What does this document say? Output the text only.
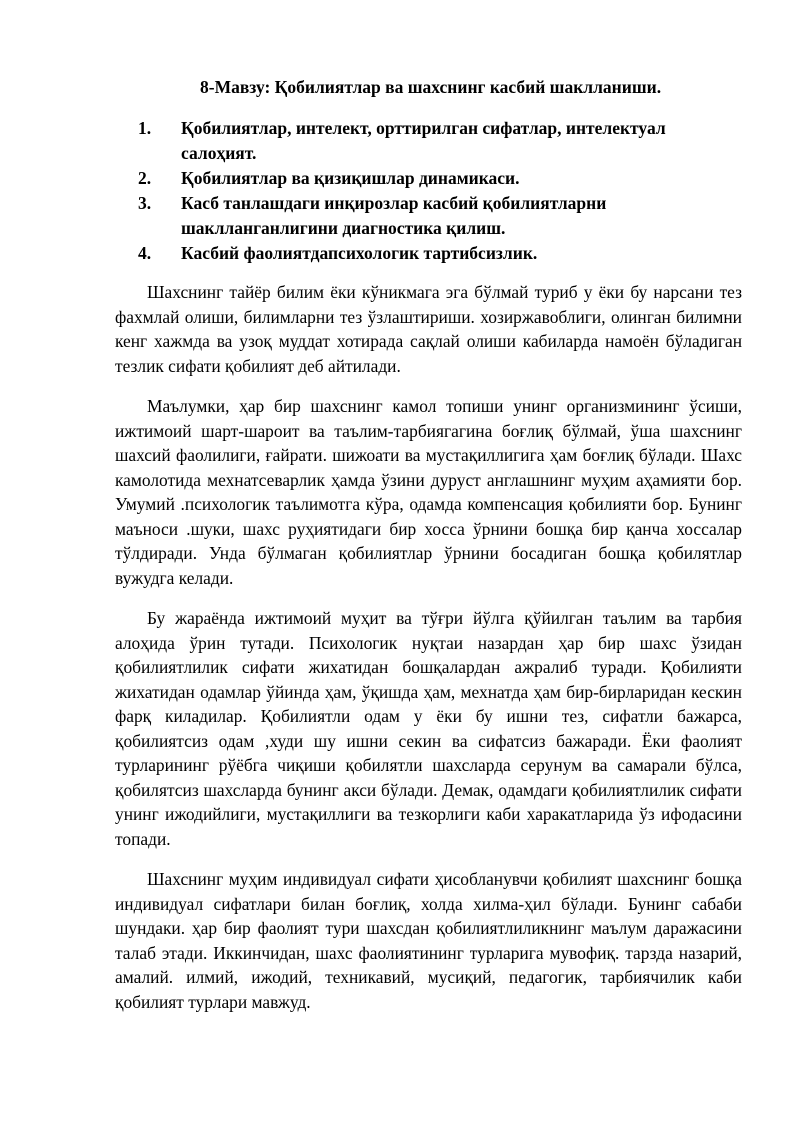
8-Мавзу: Қобилиятлар ва шахснинг касбий шаклланиши.
1. Қобилиятлар, интелект, орттирилган сифатлар, интелектуал салоҳият.
2. Қобилиятлар ва қизиқишлар динамикаси.
3. Касб танлашдаги инқирозлар касбий қобилиятларни шаклланганлигини диагностика қилиш.
4. Касбий фаолиятдапсихологик тартибсизлик.

Шахснинг тайёр билим ёки кўникмага эга бўлмай туриб у ёки бу нарсани тез фахмлай олиши, билимларни тез ўзлаштириши. хозиржавоблиги, олинган билимни кенг хажмда ва узоқ муддат хотирада сақлай олиши кабиларда намоён бўладиган тезлик сифати қобилият деб айтилади.

Маълумки, ҳар бир шахснинг камол топиши унинг организмининг ўсиши, ижтимоий шарт-шароит ва таълим-тарбиягагина боғлиқ бўлмай, ўша шахснинг шахсий фаолилиги, ғайрати. шижоати ва мустақиллигига ҳам боғлиқ бўлади. Шахс камолотида мехнатсеварлик ҳамда ўзини дуруст англашнинг муҳим аҳамияти бор. Умумий .психологик таълимотга кўра, одамда компенсация қобилияти бор. Бунинг маъноси .шуки, шахс руҳиятидаги бир хосса ўрнини бошқа бир қанча хоссалар тўлдиради. Унда бўлмаган қобилиятлар ўрнини босадиган бошқа қобилятлар вужудга келади.

Бу жараёнда ижтимоий муҳит ва тўғри йўлга қўйилган таълим ва тарбия алоҳида ўрин тутади. Психологик нуқтаи назардан ҳар бир шахс ўзидан қобилиятлилик сифати жихатидан бошқалардан ажралиб туради. Қобилияти жихатидан одамлар ўйинда ҳам, ўқишда ҳам, мехнатда ҳам бир-бирларидан кескин фарқ киладилар. Қобилиятли одам у ёки бу ишни тез, сифатли бажарса, қобилиятсиз одам ,худи шу ишни секин ва сифатсиз бажаради. Ёки фаолият турларининг рўёбга чиқиши қобилятли шахсларда серунум ва самарали бўлса, қобилятсиз шахсларда бунинг акси бўлади. Демак, одамдаги қобилиятлилик сифати унинг ижодийлиги, мустақиллиги ва тезкорлиги каби харакатларида ўз ифодасини топади.

Шахснинг муҳим индивидуал сифати ҳисобланувчи қобилият шахснинг бошқа индивидуал сифатлари билан боғлиқ, холда хилма-ҳил бўлади. Бунинг сабаби шундаки. ҳар бир фаолият тури шахсдан қобилиятлиликнинг маълум даражасини талаб этади. Иккинчидан, шахс фаолиятининг турларига мувофиқ. тарзда назарий, амалий. илмий, ижодий, техникавий, мусиқий, педагогик, тарбиячилик каби қобилият турлари мавжуд.
